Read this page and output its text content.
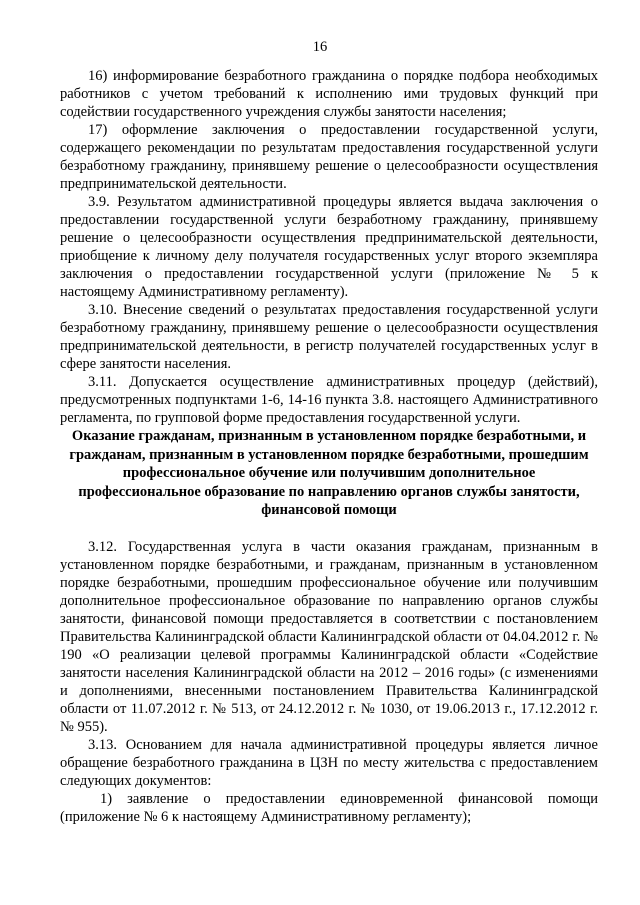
16

16) информирование безработного гражданина о порядке подбора необходимых работников с учетом требований к исполнению ими трудовых функций при содействии государственного учреждения службы занятости населения;

17) оформление заключения о предоставлении государственной услуги, содержащего рекомендации по результатам предоставления государственной услуги безработному гражданину, принявшему решение о целесообразности осуществления предпринимательской деятельности.

3.9. Результатом административной процедуры является выдача заключения о предоставлении государственной услуги безработному гражданину, принявшему решение о целесообразности осуществления предпринимательской деятельности, приобщение к личному делу получателя государственных услуг второго экземпляра заключения о предоставлении государственной услуги (приложение № 5 к настоящему Административному регламенту).

3.10. Внесение сведений о результатах предоставления государственной услуги безработному гражданину, принявшему решение о целесообразности осуществления предпринимательской деятельности, в регистр получателей государственных услуг в сфере занятости населения.

3.11. Допускается осуществление административных процедур (действий), предусмотренных подпунктами 1-6, 14-16 пункта 3.8. настоящего Административного регламента, по групповой форме предоставления государственной услуги.

Оказание гражданам, признанным в установленном порядке безработными, и гражданам, признанным в установленном порядке безработными, прошедшим профессиональное обучение или получившим дополнительное профессиональное образование по направлению органов службы занятости, финансовой помощи

3.12. Государственная услуга в части оказания гражданам, признанным в установленном порядке безработными, и гражданам, признанным в установленном порядке безработными, прошедшим профессиональное обучение или получившим дополнительное профессиональное образование по направлению органов службы занятости, финансовой помощи предоставляется в соответствии с постановлением Правительства Калининградской области Калининградской области от 04.04.2012 г. № 190 «О реализации целевой программы Калининградской области «Содействие занятости населения Калининградской области на 2012 – 2016 годы» (с изменениями и дополнениями, внесенными постановлением Правительства Калининградской области от 11.07.2012 г. № 513, от 24.12.2012 г. № 1030, от 19.06.2013 г., 17.12.2012 г. № 955).

3.13. Основанием для начала административной процедуры является личное обращение безработного гражданина в ЦЗН по месту жительства с предоставлением следующих документов:

1) заявление о предоставлении единовременной финансовой помощи (приложение № 6 к настоящему Административному регламенту);
